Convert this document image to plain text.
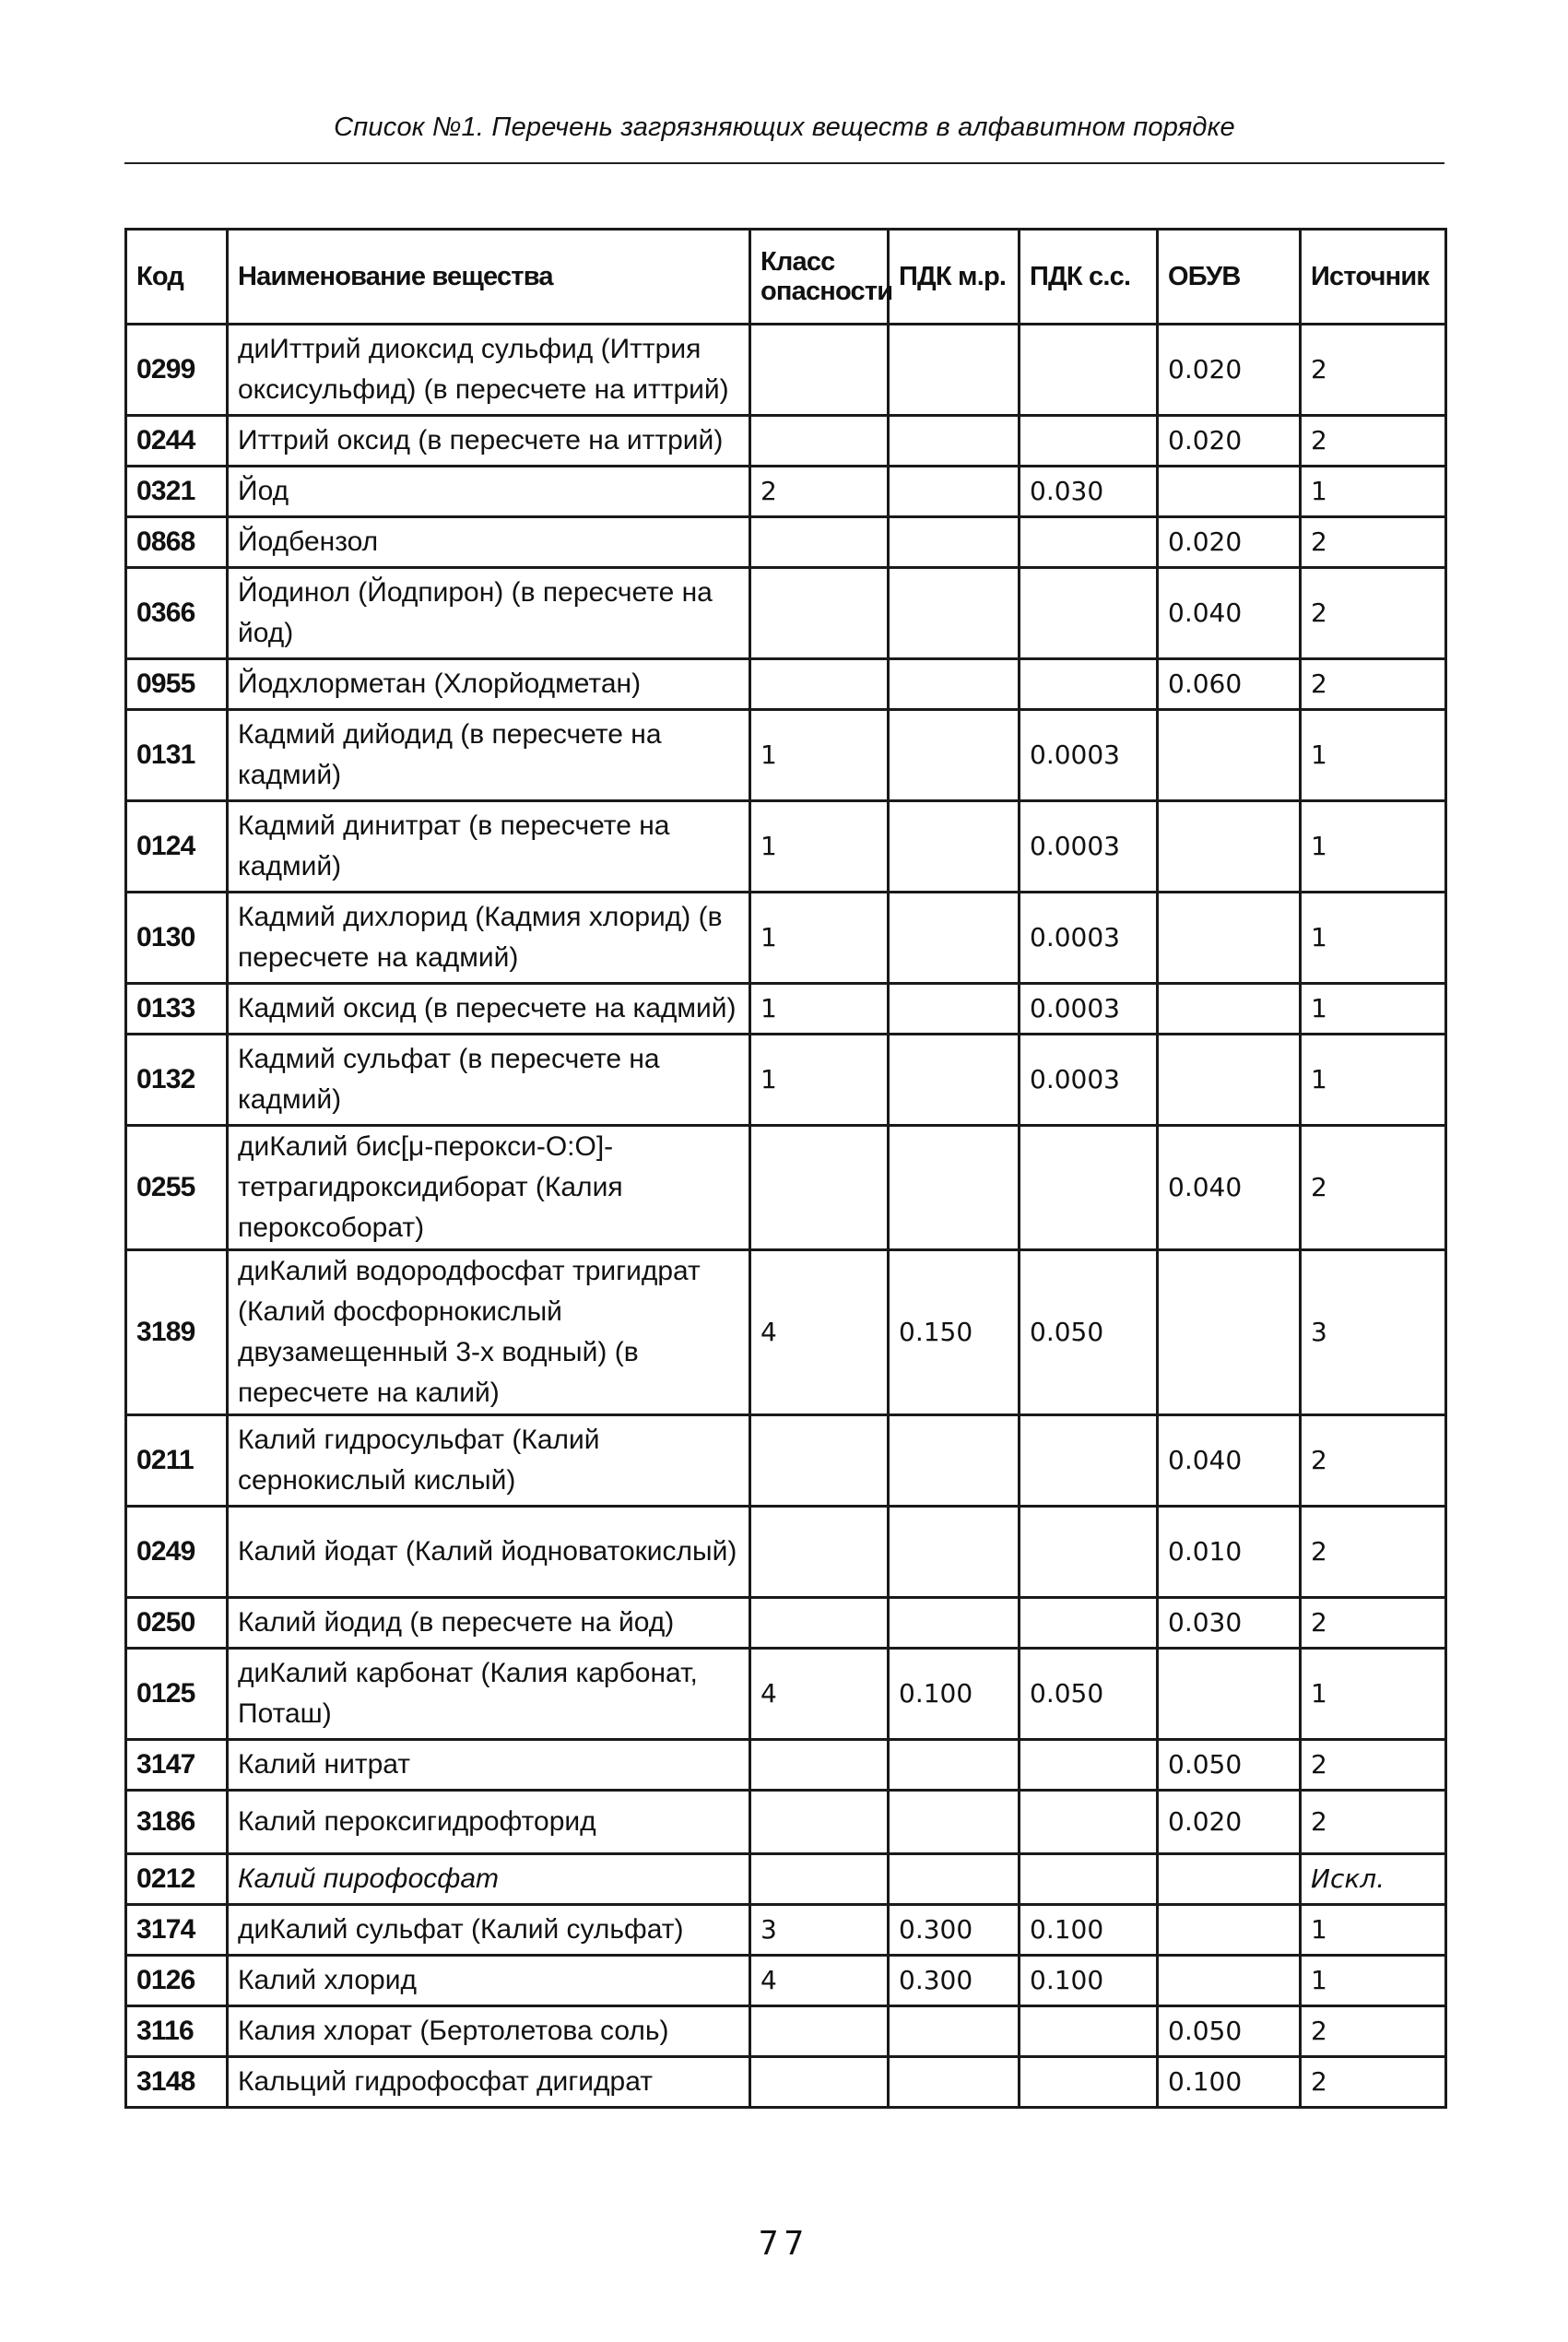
Список №1. Перечень загрязняющих веществ в алфавитном порядке
Код	Наименование вещества	Класс опасности	ПДК м.р.	ПДК с.с.	ОБУВ	Источник
0299	диИттрий диоксид сульфид (Иттрия оксисульфид) (в пересчете на иттрий)				0.020	2
0244	Иттрий оксид (в пересчете на иттрий)				0.020	2
0321	Йод	2		0.030		1
0868	Йодбензол				0.020	2
0366	Йодинол (Йодпирон) (в пересчете на йод)				0.040	2
0955	Йодхлорметан (Хлорйодметан)				0.060	2
0131	Кадмий дийодид (в пересчете на кадмий)	1		0.0003		1
0124	Кадмий динитрат (в пересчете на кадмий)	1		0.0003		1
0130	Кадмий дихлорид (Кадмия хлорид) (в пересчете на кадмий)	1		0.0003		1
0133	Кадмий оксид (в пересчете на кадмий)	1		0.0003		1
0132	Кадмий сульфат (в пересчете на кадмий)	1		0.0003		1
0255	диКалий бис[μ-перокси-О:О]-тетрагидроксидиборат (Калия пероксоборат)				0.040	2
3189	диКалий водородфосфат тригидрат (Калий фосфорнокислый двузамещенный 3-х водный) (в пересчете на калий)	4	0.150	0.050		3
0211	Калий гидросульфат (Калий сернокислый кислый)				0.040	2
0249	Калий йодат (Калий йодноватокислый)				0.010	2
0250	Калий йодид (в пересчете на йод)				0.030	2
0125	диКалий карбонат (Калия карбонат, Поташ)	4	0.100	0.050		1
3147	Калий нитрат				0.050	2
3186	Калий пероксигидрофторид				0.020	2
0212	Калий пирофосфат					Искл.
3174	диКалий сульфат (Калий сульфат)	3	0.300	0.100		1
0126	Калий хлорид	4	0.300	0.100		1
3116	Калия хлорат (Бертолетова соль)				0.050	2
3148	Кальций гидрофосфат дигидрат				0.100	2
77
